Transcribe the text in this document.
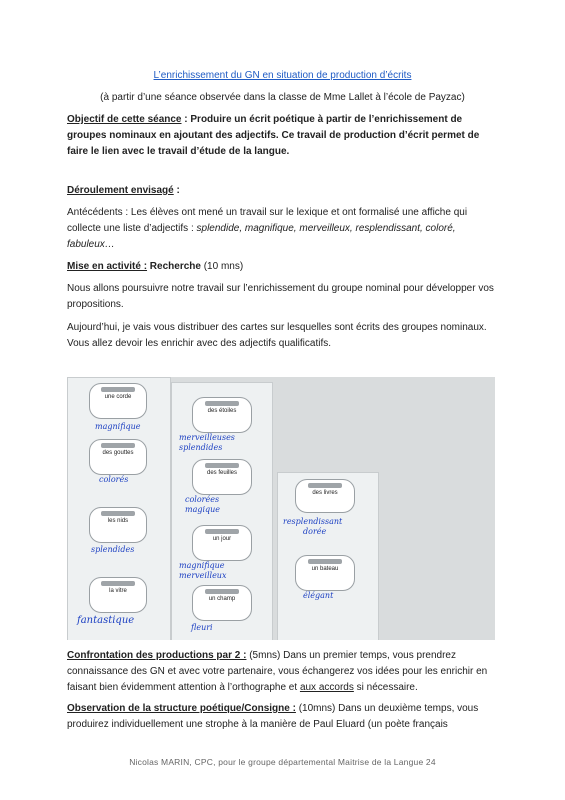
L’enrichissement du GN en situation de production d’écrits
(à partir d’une séance observée dans la classe de Mme Lallet à l’école de Payzac)
Objectif de cette séance : Produire un écrit poétique à partir de l’enrichissement de groupes nominaux en ajoutant des adjectifs. Ce travail de production d’écrit permet de faire le lien avec le travail d’étude de la langue.
Déroulement envisagé :
Antécédents : Les élèves ont mené un travail sur le lexique et ont formalisé une affiche qui collecte une liste d’adjectifs : splendide, magnifique, merveilleux, resplendissant, coloré, fabuleux…
Mise en activité : Recherche (10 mns)
Nous allons poursuivre notre travail sur l’enrichissement du groupe nominal pour développer vos propositions.
Aujourd’hui, je vais vous distribuer des cartes sur lesquelles sont écrits des groupes nominaux. Vous allez devoir les enrichir avec des adjectifs qualificatifs.
une corde
des gouttes
les nids
la vitre
des étoiles
des feuilles
un jour
un champ
des livres
un bateau
magnifique
colorés
splendides
fantastique
merveilleuses
splendides
colorées
magique
magnifique
merveilleux
fleuri
resplendissant
dorée
élégant
Confrontation des productions par 2 : (5mns) Dans un premier temps, vous prendrez connaissance des GN et avec votre partenaire, vous échangerez vos idées pour les enrichir en faisant bien évidemment attention à l’orthographe et aux accords si nécessaire.
Observation de la structure poétique/Consigne : (10mns) Dans un deuxième temps, vous produirez individuellement une strophe à la manière de Paul Eluard (un poète français
Nicolas MARIN, CPC, pour le groupe départemental Maitrise de la Langue 24
